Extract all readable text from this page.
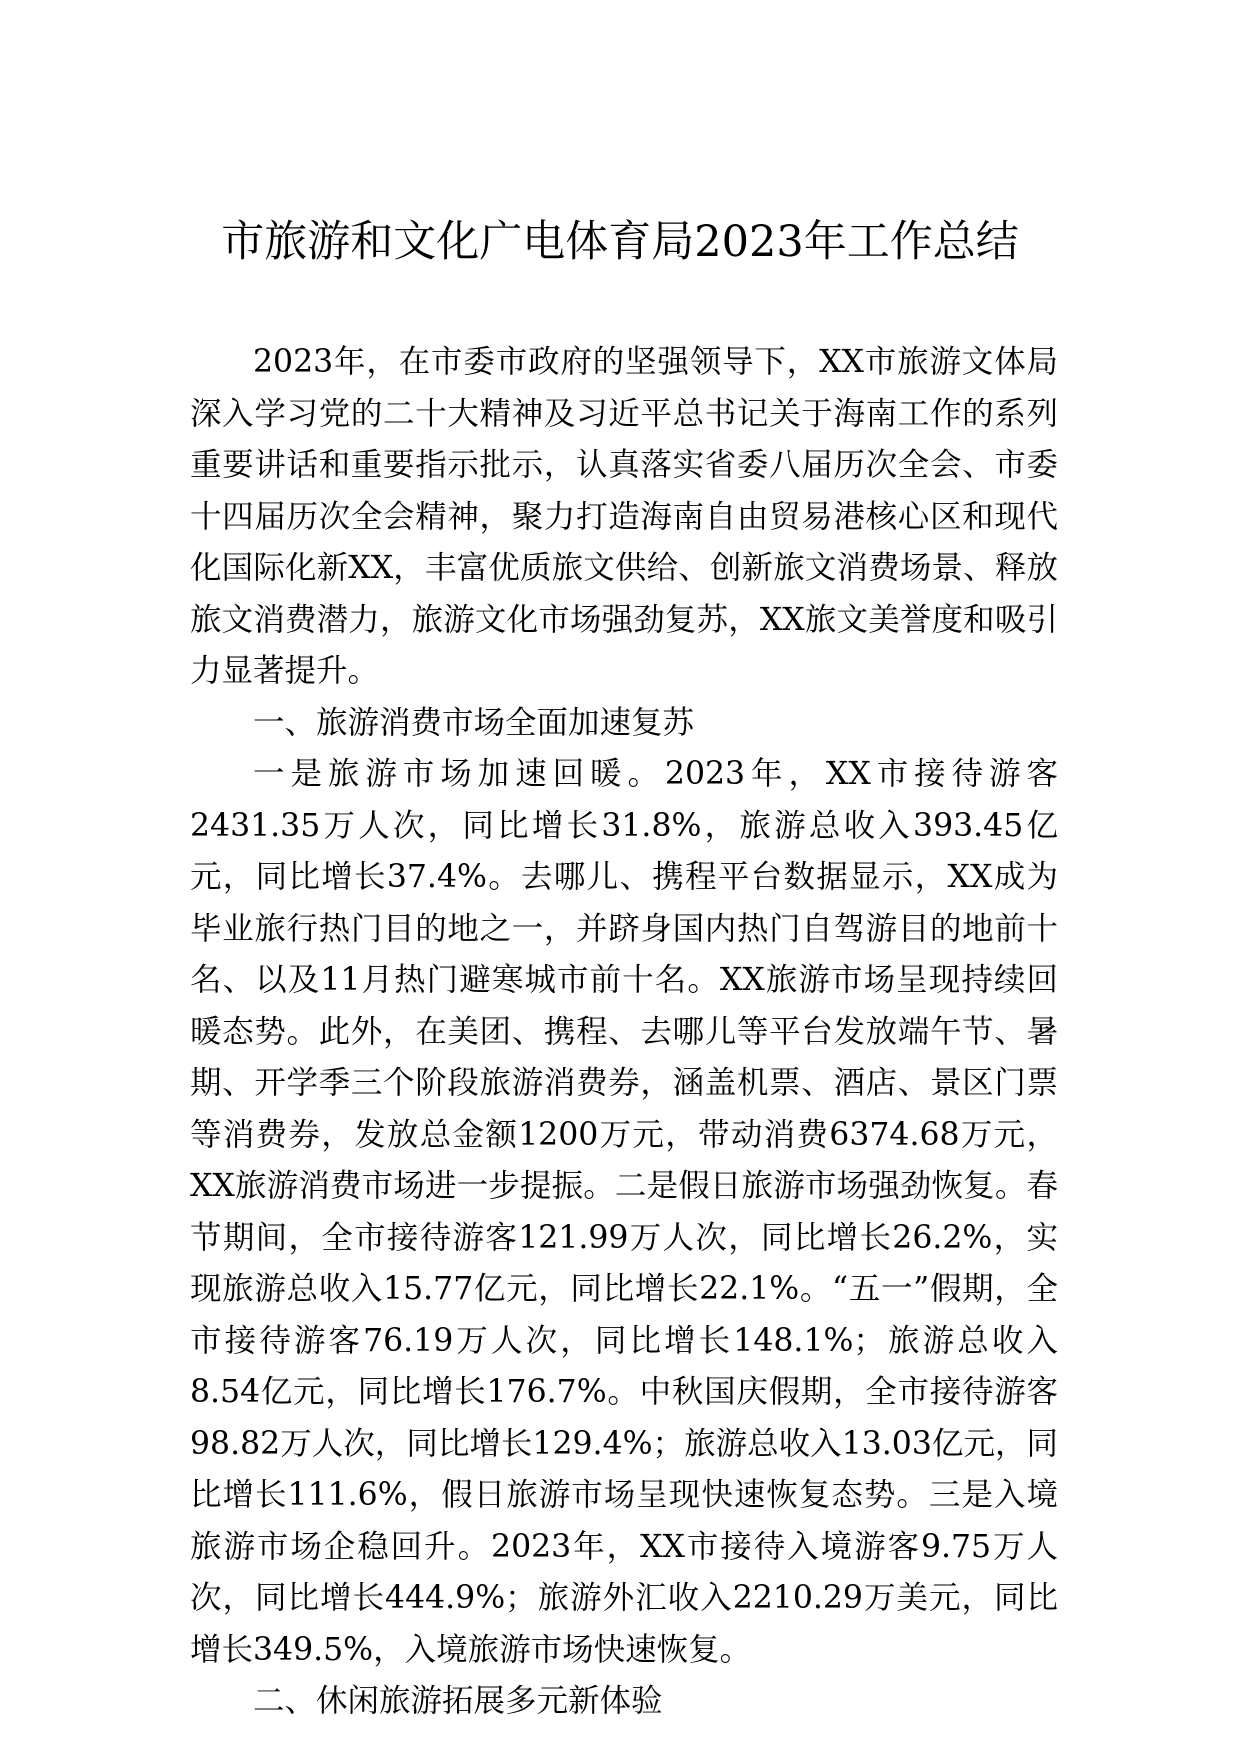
市旅游和文化广电体育局2023年工作总结

2023年，在市委市政府的坚强领导下，XX市旅游文体局深入学习党的二十大精神及习近平总书记关于海南工作的系列重要讲话和重要指示批示，认真落实省委八届历次全会、市委十四届历次全会精神，聚力打造海南自由贸易港核心区和现代化国际化新XX，丰富优质旅文供给、创新旅文消费场景、释放旅文消费潜力，旅游文化市场强劲复苏，XX旅文美誉度和吸引力显著提升。

一、旅游消费市场全面加速复苏

一是旅游市场加速回暖。2023年，XX市接待游客2431.35万人次，同比增长31.8%，旅游总收入393.45亿元，同比增长37.4%。去哪儿、携程平台数据显示，XX成为毕业旅行热门目的地之一，并跻身国内热门自驾游目的地前十名、以及11月热门避寒城市前十名。XX旅游市场呈现持续回暖态势。此外，在美团、携程、去哪儿等平台发放端午节、暑期、开学季三个阶段旅游消费券，涵盖机票、酒店、景区门票等消费券，发放总金额1200万元，带动消费6374.68万元，XX旅游消费市场进一步提振。二是假日旅游市场强劲恢复。春节期间，全市接待游客121.99万人次，同比增长26.2%，实现旅游总收入15.77亿元，同比增长22.1%。“五一”假期，全市接待游客76.19万人次，同比增长148.1%；旅游总收入8.54亿元，同比增长176.7%。中秋国庆假期，全市接待游客98.82万人次，同比增长129.4%；旅游总收入13.03亿元，同比增长111.6%，假日旅游市场呈现快速恢复态势。三是入境旅游市场企稳回升。2023年，XX市接待入境游客9.75万人次，同比增长444.9%；旅游外汇收入2210.29万美元，同比增长349.5%，入境旅游市场快速恢复。

二、休闲旅游拓展多元新体验
